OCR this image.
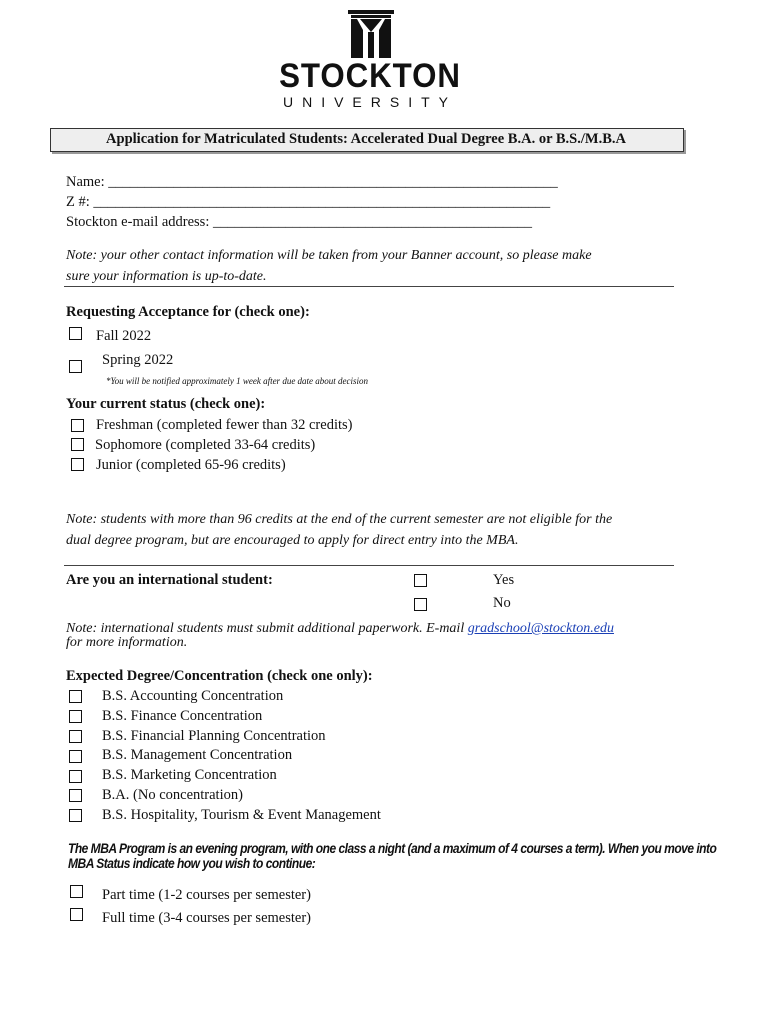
STOCKTON
UNIVERSITY
Application for Matriculated Students: Accelerated Dual Degree B.A. or B.S./M.B.A
Name: ______________________________________________________________
Z #: _______________________________________________________________
Stockton e-mail address: ____________________________________________
Note: your other contact information will be taken from your Banner account, so please make
sure your information is up-to-date.
Requesting Acceptance for (check one):
Fall 2022
Spring 2022
*You will be notified approximately 1 week after due date about decision
Your current status (check one):
Freshman (completed fewer than 32 credits)
Sophomore (completed 33-64 credits)
Junior (completed 65-96 credits)
Note: students with more than 96 credits at the end of the current semester are not eligible for the
dual degree program, but are encouraged to apply for direct entry into the MBA.
Are you an international student:	Yes
No
Note: international students must submit additional paperwork. E-mail gradschool@stockton.edu
for more information.
Expected Degree/Concentration (check one only):
B.S. Accounting Concentration
B.S. Finance Concentration
B.S. Financial Planning Concentration
B.S. Management Concentration
B.S. Marketing Concentration
B.A. (No concentration)
B.S. Hospitality, Tourism & Event Management
The MBA Program is an evening program, with one class a night (and a maximum of 4 courses a term). When you move into
MBA Status indicate how you wish to continue:
Part time (1-2 courses per semester)
Full time (3-4 courses per semester)
